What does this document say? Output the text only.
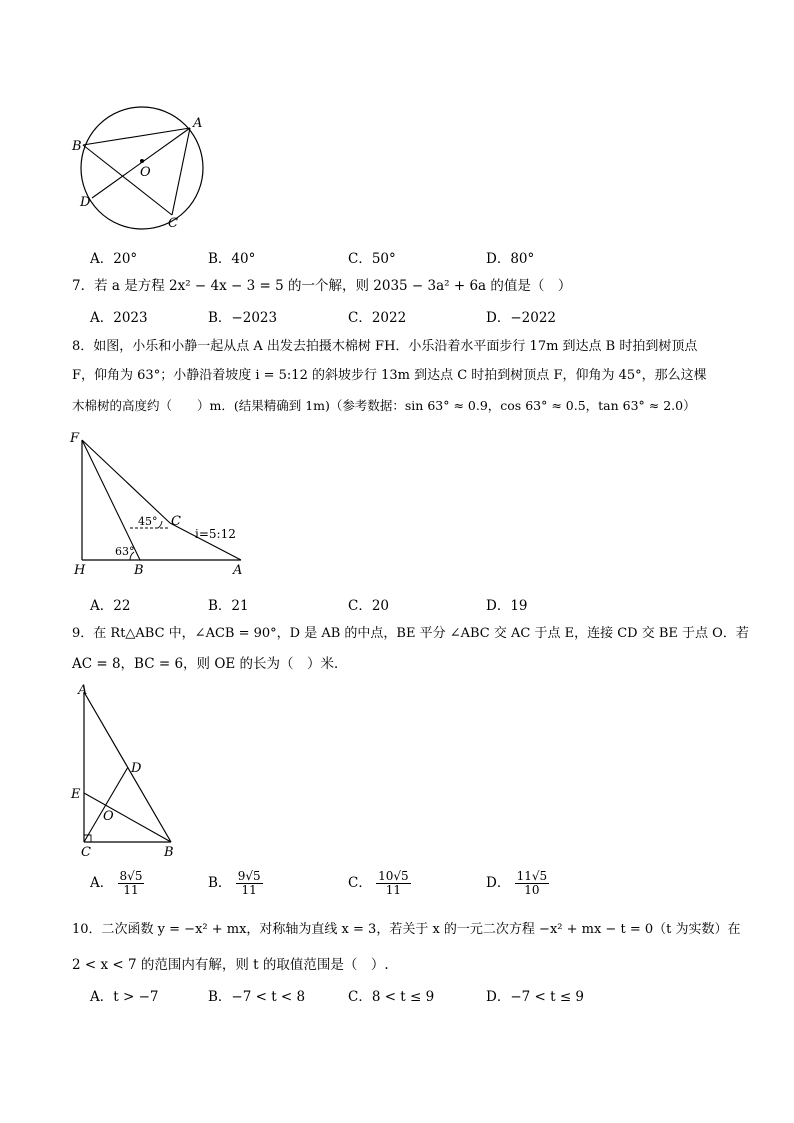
A
B
D
C
O
A．20°	B．40°	C．50°	D．80°
7．若 a 是方程 2x² − 4x − 3 = 5 的一个解，则 2035 − 3a² + 6a 的值是（　）
A．2023	B．−2023	C．2022	D．−2022
8．如图，小乐和小静一起从点 A 出发去拍摄木棉树 FH．小乐沿着水平面步行 17m 到达点 B 时拍到树顶点
F，仰角为 63°；小静沿着坡度 i = 5:12 的斜坡步行 13m 到达点 C 时拍到树顶点 F，仰角为 45°，那么这棵
木棉树的高度约（　　）m．(结果精确到 1m)（参考数据：sin 63° ≈ 0.9，cos 63° ≈ 0.5，tan 63° ≈ 2.0）
F
H	B	A
C
45°
63°
i=5:12
A．22	B．21	C．20	D．19
9．在 Rt△ABC 中，∠ACB = 90°，D 是 AB 的中点，BE 平分 ∠ABC 交 AC 于点 E，连接 CD 交 BE 于点 O．若
AC = 8，BC = 6，则 OE 的长为（　）米．
A
D
E
O
C	B
A． $\frac{8√5}{11}$	B． $\frac{9√5}{11}$	C． $\frac{10√5}{11}$	D． $\frac{11√5}{10}$
10．二次函数 y = −x² + mx，对称轴为直线 x = 3，若关于 x 的一元二次方程 −x² + mx − t = 0（t 为实数）在
2 < x < 7 的范围内有解，则 t 的取值范围是（　）.
A．t > −7	B．−7 < t < 8	C．8 < t ≤ 9	D．−7 < t ≤ 9
